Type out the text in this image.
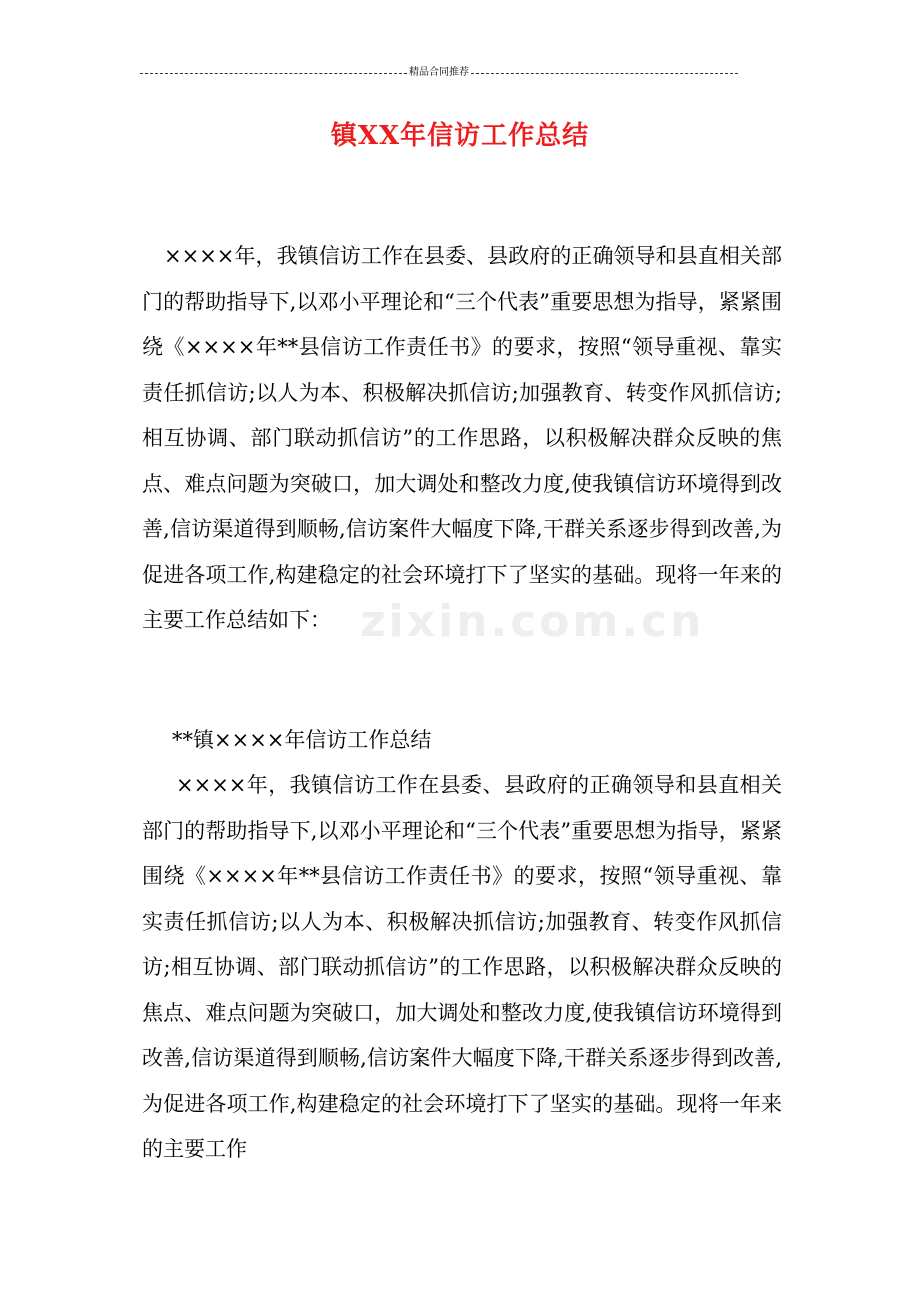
精品合同推荐
镇XX年信访工作总结

××××年，我镇信访工作在县委、县政府的正确领导和县直相关部门的帮助指导下,以邓小平理论和“三个代表”重要思想为指导，紧紧围绕《××××年**县信访工作责任书》的要求，按照“领导重视、靠实责任抓信访;以人为本、积极解决抓信访;加强教育、转变作风抓信访;相互协调、部门联动抓信访”的工作思路，以积极解决群众反映的焦点、难点问题为突破口，加大调处和整改力度,使我镇信访环境得到改善,信访渠道得到顺畅,信访案件大幅度下降,干群关系逐步得到改善,为促进各项工作,构建稳定的社会环境打下了坚实的基础。现将一年来的主要工作总结如下：

**镇××××年信访工作总结

××××年，我镇信访工作在县委、县政府的正确领导和县直相关部门的帮助指导下,以邓小平理论和“三个代表”重要思想为指导，紧紧围绕《××××年**县信访工作责任书》的要求，按照“领导重视、靠实责任抓信访;以人为本、积极解决抓信访;加强教育、转变作风抓信访;相互协调、部门联动抓信访”的工作思路，以积极解决群众反映的焦点、难点问题为突破口，加大调处和整改力度,使我镇信访环境得到改善,信访渠道得到顺畅,信访案件大幅度下降,干群关系逐步得到改善,为促进各项工作,构建稳定的社会环境打下了坚实的基础。现将一年来的主要工作

zixin.com.cn
